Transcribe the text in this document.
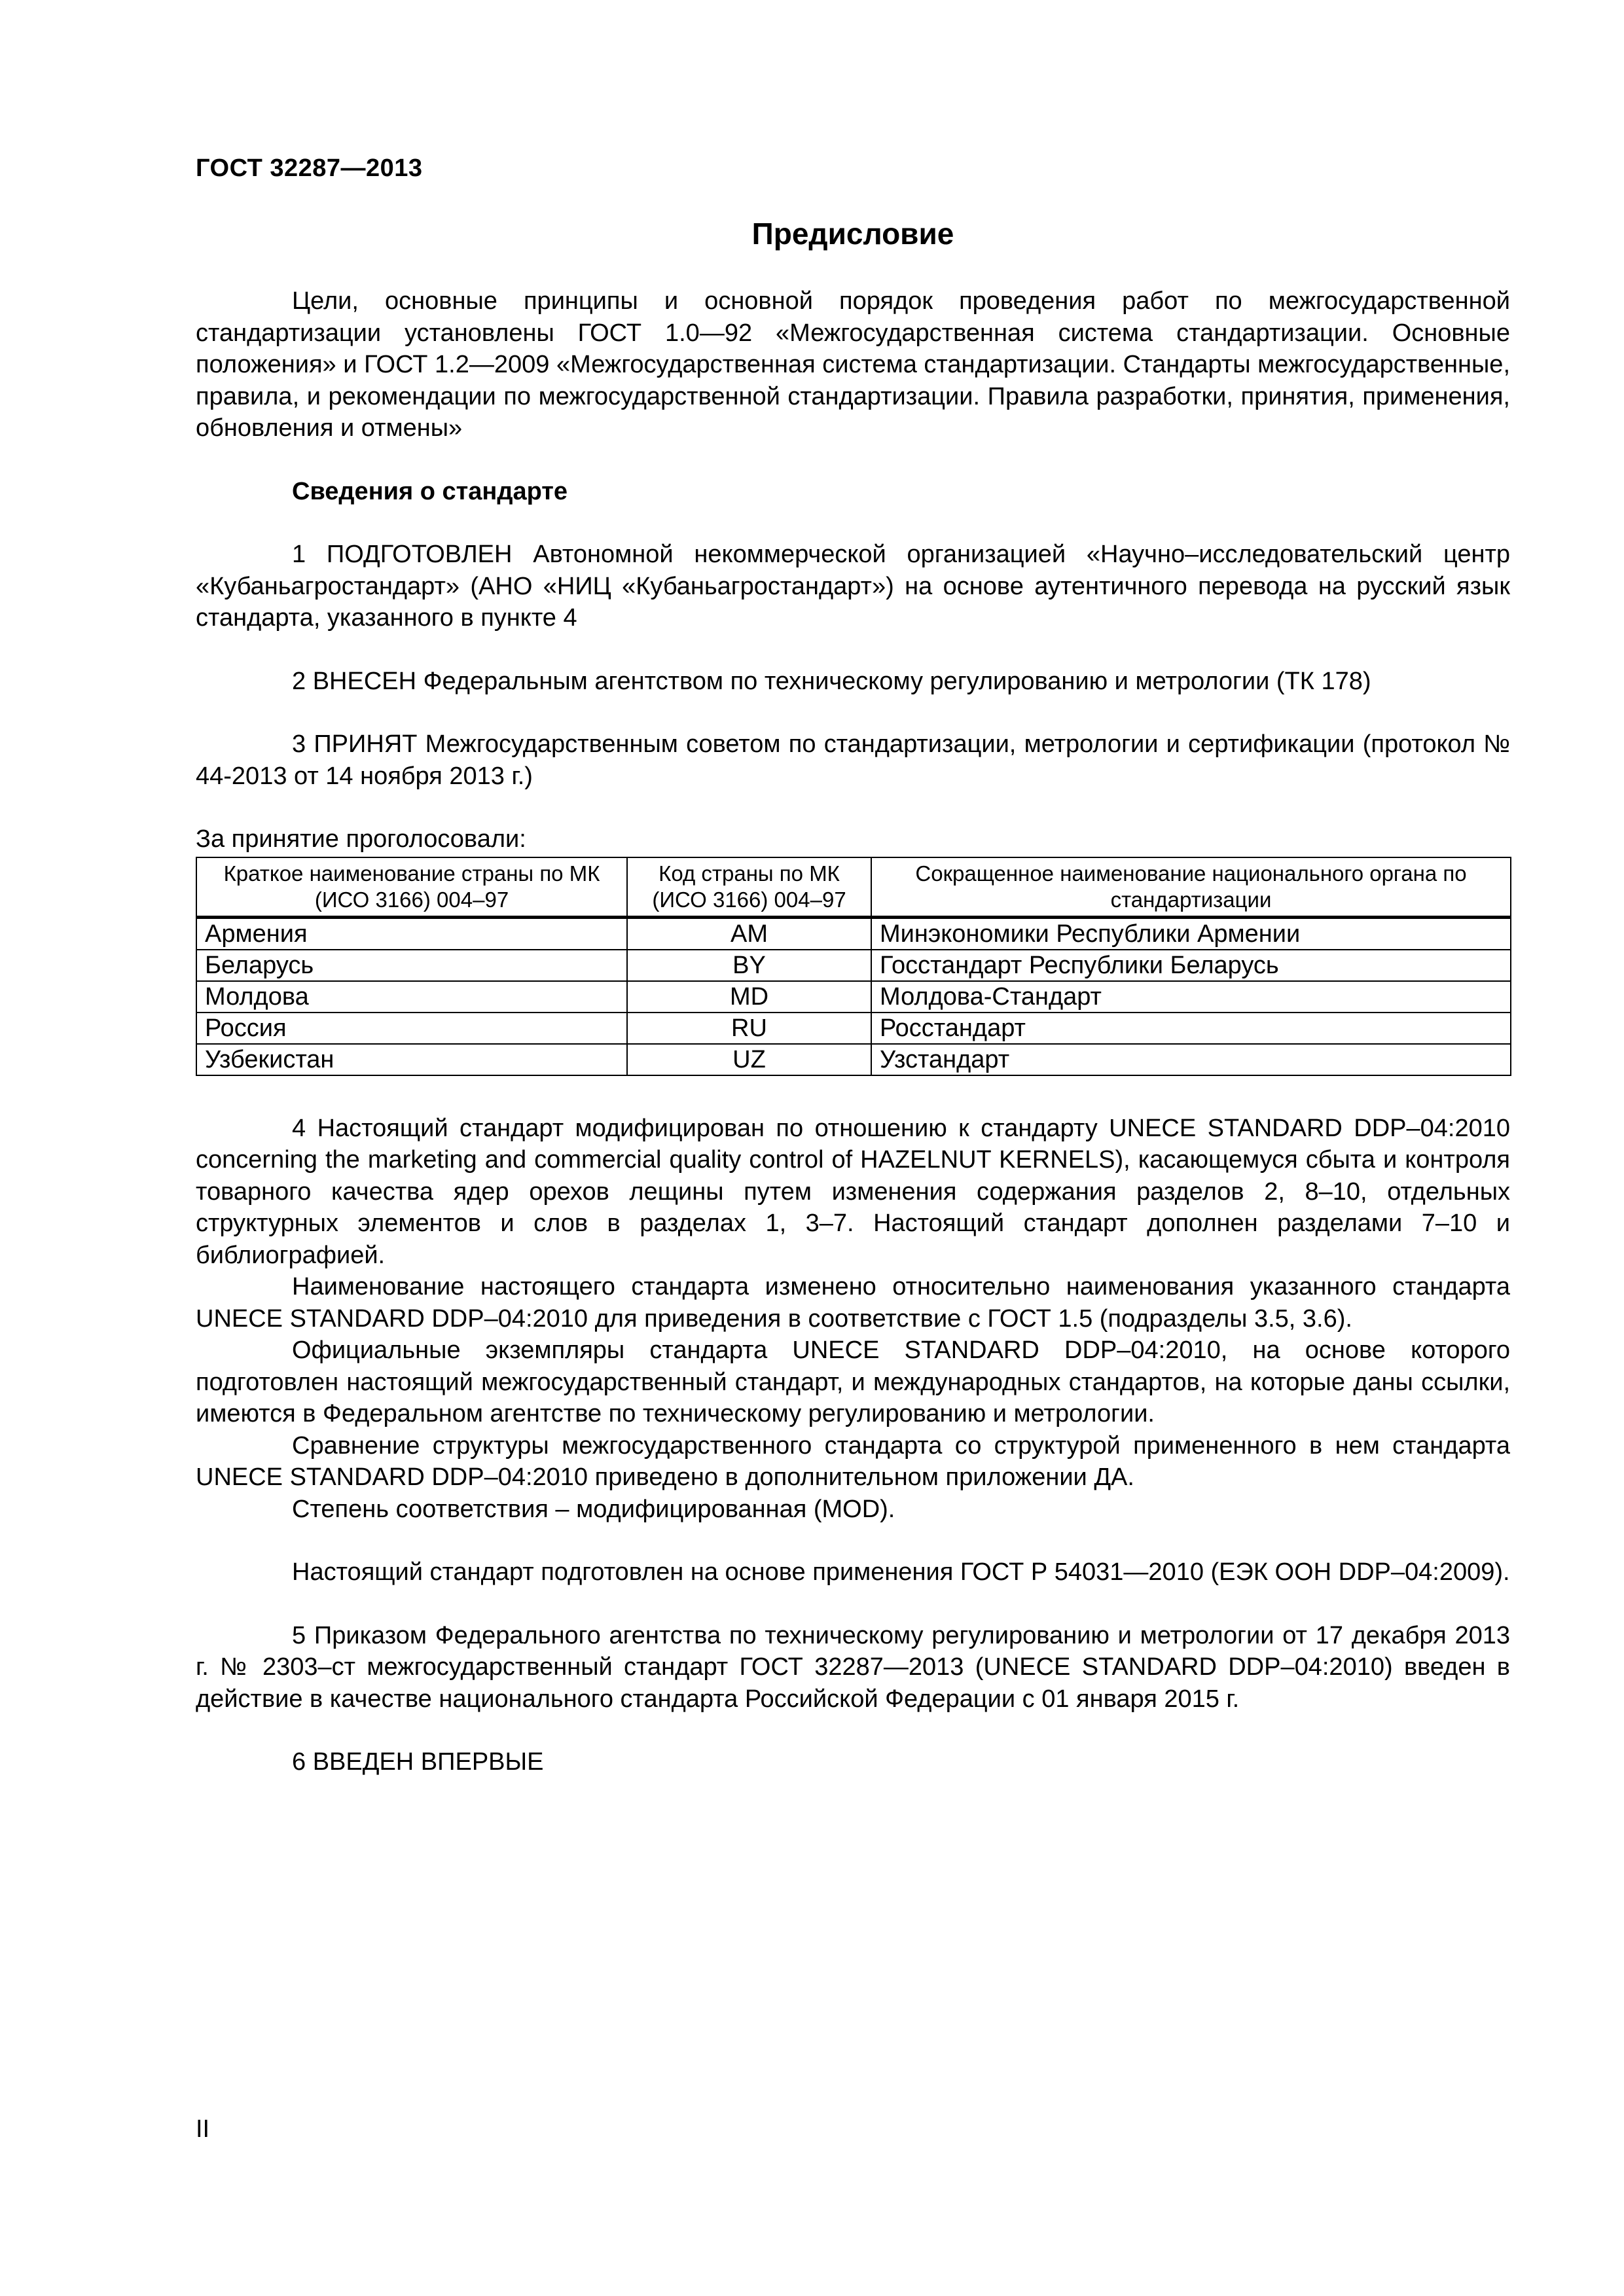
ГОСТ 32287—2013
Предисловие

Цели, основные принципы и основной порядок проведения работ по межгосударственной стандартизации установлены ГОСТ 1.0—92 «Межгосударственная система стандартизации. Основные положения» и ГОСТ 1.2—2009 «Межгосударственная система стандартизации. Стандарты межгосударственные, правила, и рекомендации по межгосударственной стандартизации. Правила разработки, принятия, применения, обновления и отмены»

Сведения о стандарте

1 ПОДГОТОВЛЕН Автономной некоммерческой организацией «Научно–исследовательский центр «Кубаньагростандарт» (АНО «НИЦ «Кубаньагростандарт») на основе аутентичного перевода на русский язык стандарта, указанного в пункте 4

2 ВНЕСЕН Федеральным агентством по техническому регулированию и метрологии (ТК 178)

3 ПРИНЯТ Межгосударственным советом по стандартизации, метрологии и сертификации (протокол № 44-2013 от 14 ноября 2013 г.)

За принятие проголосовали:

Краткое наименование страны по МК (ИСО 3166) 004–97	Код страны по МК (ИСО 3166) 004–97	Сокращенное наименование национального органа по стандартизации
Армения	AM	Минэкономики Республики Армении
Беларусь	BY	Госстандарт Республики Беларусь
Молдова	MD	Молдова-Стандарт
Россия	RU	Росстандарт
Узбекистан	UZ	Узстандарт

4 Настоящий стандарт модифицирован по отношению к стандарту UNECE STANDARD DDP–04:2010 concerning the marketing and commercial quality control of HAZELNUT KERNELS), касающемуся сбыта и контроля товарного качества ядер орехов лещины путем изменения содержания разделов 2, 8–10, отдельных структурных элементов и слов в разделах 1, 3–7. Настоящий стандарт дополнен разделами 7–10 и библиографией.

Наименование настоящего стандарта изменено относительно наименования указанного стандарта UNECE STANDARD DDP–04:2010 для приведения в соответствие с ГОСТ 1.5 (подразделы 3.5, 3.6).

Официальные экземпляры стандарта UNECE STANDARD DDP–04:2010, на основе которого подготовлен настоящий межгосударственный стандарт, и международных стандартов, на которые даны ссылки, имеются в Федеральном агентстве по техническому регулированию и метрологии.

Сравнение структуры межгосударственного стандарта со структурой примененного в нем стандарта UNECE STANDARD DDP–04:2010 приведено в дополнительном приложении ДА.

Степень соответствия – модифицированная (MOD).

Настоящий стандарт подготовлен на основе применения ГОСТ Р 54031—2010 (ЕЭК ООН DDP–04:2009).

5 Приказом Федерального агентства по техническому регулированию и метрологии от 17 декабря 2013 г. № 2303–ст межгосударственный стандарт ГОСТ 32287—2013 (UNECE STANDARD DDP–04:2010) введен в действие в качестве национального стандарта Российской Федерации с 01 января 2015 г.

6 ВВЕДЕН ВПЕРВЫЕ

II
